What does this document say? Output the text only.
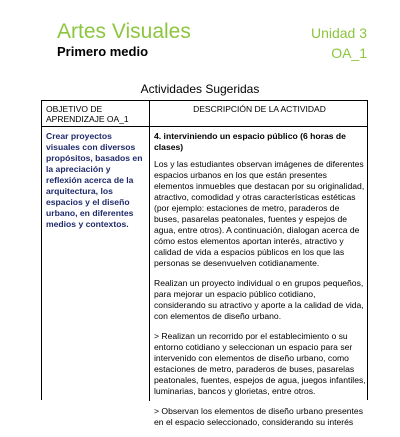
Artes Visuales
Primero medio
Unidad 3
OA_1
Actividades Sugeridas
OBJETIVO DE APRENDIZAJE OA_1
DESCRIPCIÓN DE LA ACTIVIDAD
Crear proyectos visuales con diversos propósitos, basados en la apreciación y reflexión acerca de la arquitectura, los espacios y el diseño urbano, en diferentes medios y contextos.
4. interviniendo un espacio público (6 horas de clases)
Los y las estudiantes observan imágenes de diferentes espacios urbanos en los que están presentes elementos inmuebles que destacan por su originalidad, atractivo, comodidad y otras características estéticas (por ejemplo: estaciones de metro, paraderos de buses, pasarelas peatonales, fuentes y espejos de agua, entre otros). A continuación, dialogan acerca de cómo estos elementos aportan interés, atractivo y calidad de vida a espacios públicos en los que las personas se desenvuelven cotidianamente.
Realizan un proyecto individual o en grupos pequeños, para mejorar un espacio público cotidiano, considerando su atractivo y aporte a la calidad de vida, con elementos de diseño urbano.
> Realizan un recorrido por el establecimiento o su entorno cotidiano y seleccionan un espacio para ser intervenido con elementos de diseño urbano, como estaciones de metro, paraderos de buses, pasarelas peatonales, fuentes, espejos de agua, juegos infantiles, luminarias, bancos y glorietas, entre otros.
> Observan los elementos de diseño urbano presentes en el espacio seleccionado, considerando su interés
